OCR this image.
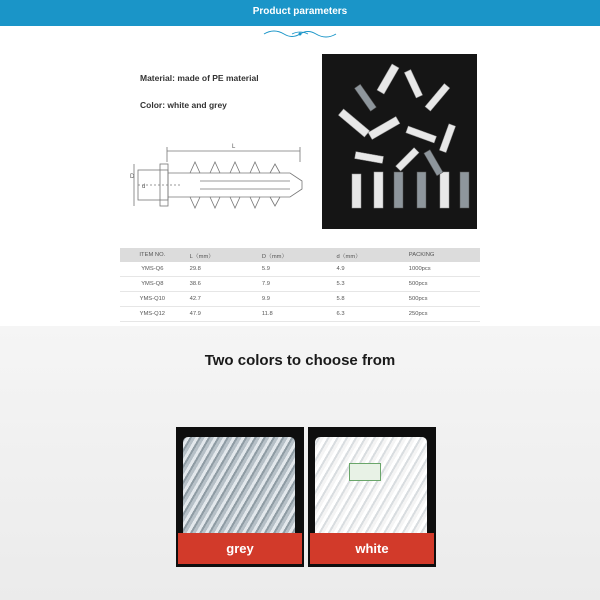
Product parameters
Material: made of PE material
Color: white and grey
L
d
D
ITEM NO.	L（mm）	D（mm）	d（mm）	PACKING
YMS-Q6	29.8	5.9	4.9	1000pcs
YMS-Q8	38.6	7.9	5.3	500pcs
YMS-Q10	42.7	9.9	5.8	500pcs
YMS-Q12	47.9	11.8	6.3	250pcs
Two colors to choose from
grey	white
